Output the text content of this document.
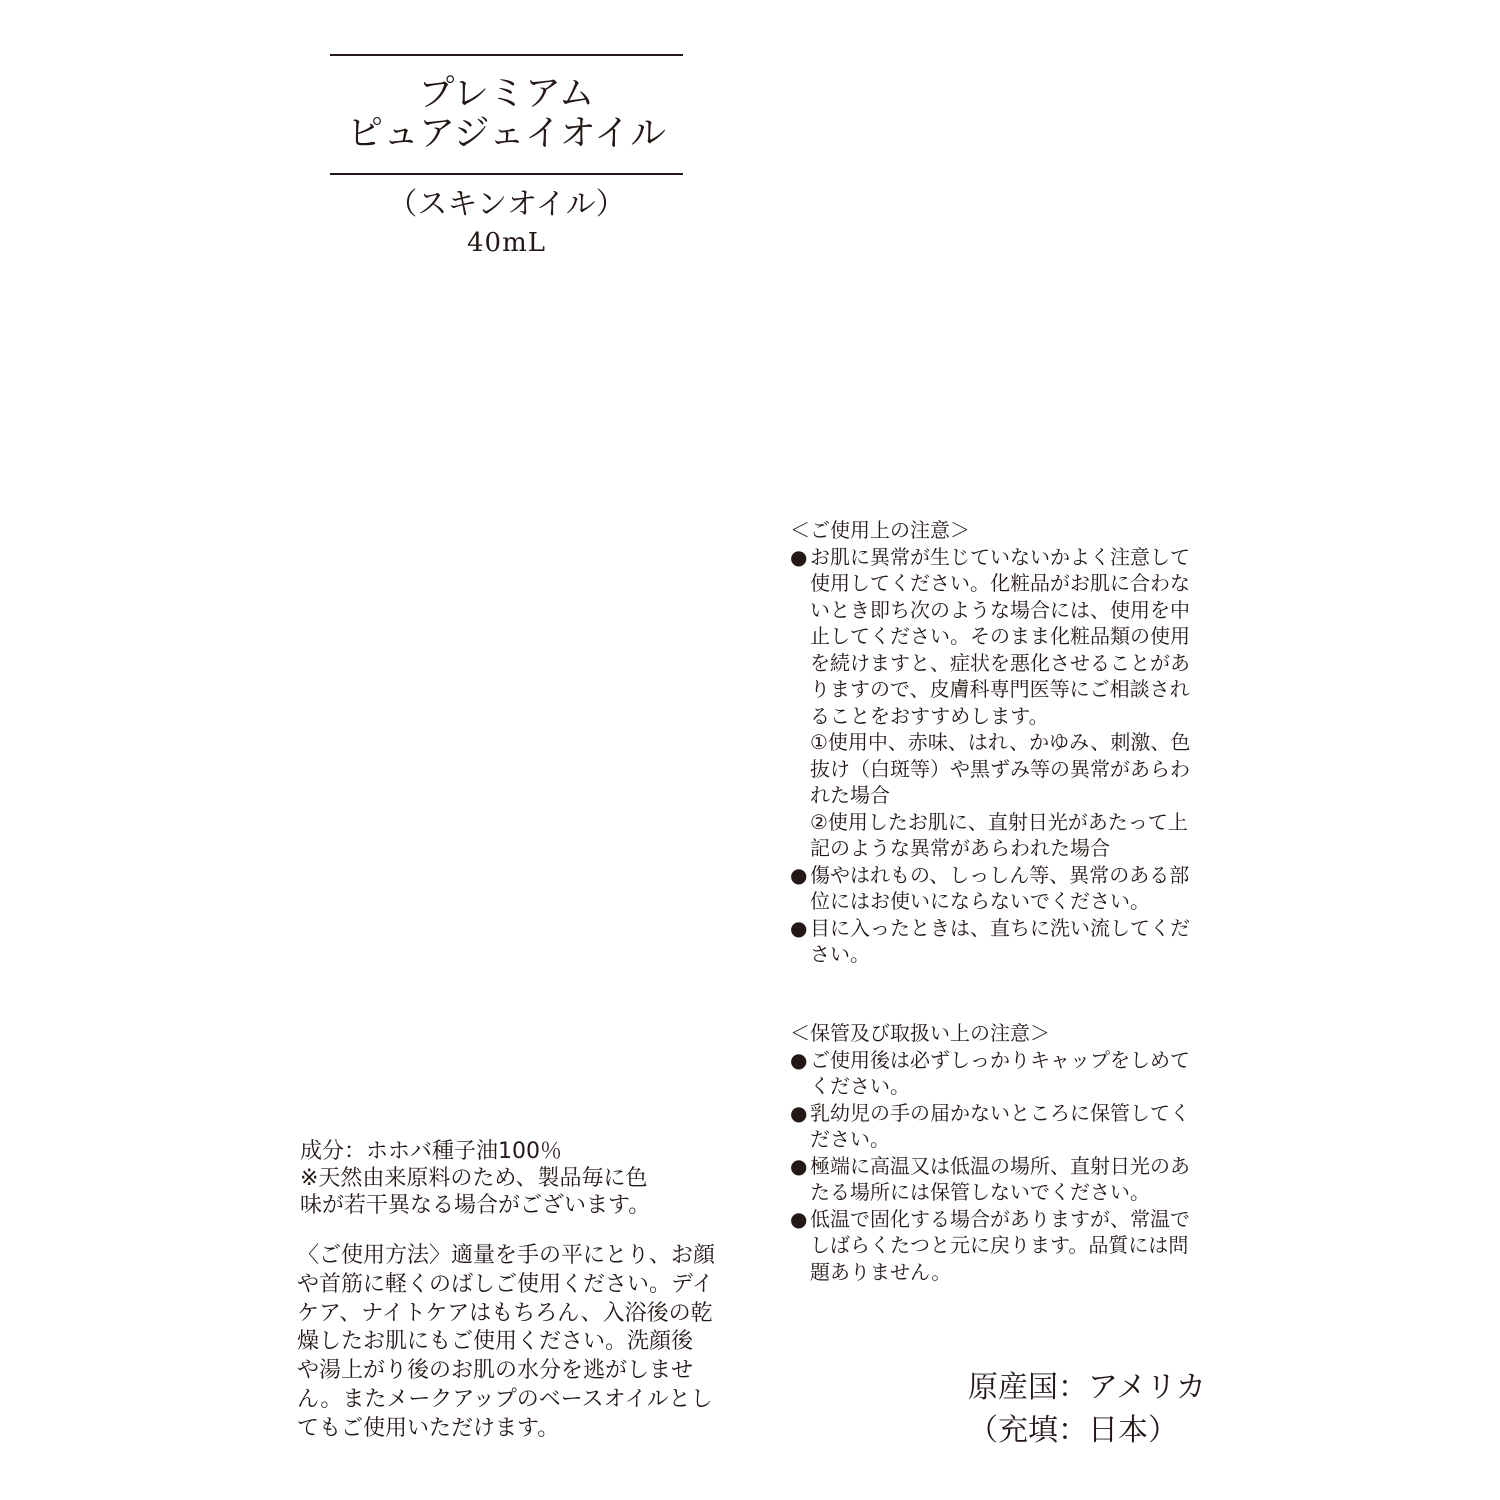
プレミアム
ピュアジェイオイル
（スキンオイル）
40mL
＜ご使用上の注意＞
● お肌に異常が生じていないかよく注意して
使用してください。化粧品がお肌に合わな
いとき即ち次のような場合には、使用を中
止してください。そのまま化粧品類の使用
を続けますと、症状を悪化させることがあ
りますので、皮膚科専門医等にご相談され
ることをおすすめします。
①使用中、赤味、はれ、かゆみ、刺激、色
抜け（白斑等）や黒ずみ等の異常があらわ
れた場合
②使用したお肌に、直射日光があたって上
記のような異常があらわれた場合
● 傷やはれもの、しっしん等、異常のある部
位にはお使いにならないでください。
● 目に入ったときは、直ちに洗い流してくだ
さい。
＜保管及び取扱い上の注意＞
● ご使用後は必ずしっかりキャップをしめて
ください。
● 乳幼児の手の届かないところに保管してく
ださい。
● 極端に高温又は低温の場所、直射日光のあ
たる場所には保管しないでください。
● 低温で固化する場合がありますが、常温で
しばらくたつと元に戻ります。品質には問
題ありません。
成分：ホホバ種子油100％
※天然由来原料のため、製品毎に色
味が若干異なる場合がございます。
〈ご使用方法〉適量を手の平にとり、お顔
や首筋に軽くのばしご使用ください。デイ
ケア、ナイトケアはもちろん、入浴後の乾
燥したお肌にもご使用ください。洗顔後
や湯上がり後のお肌の水分を逃がしませ
ん。またメークアップのベースオイルとし
てもご使用いただけます。
原産国：アメリカ
（充填：日本）
